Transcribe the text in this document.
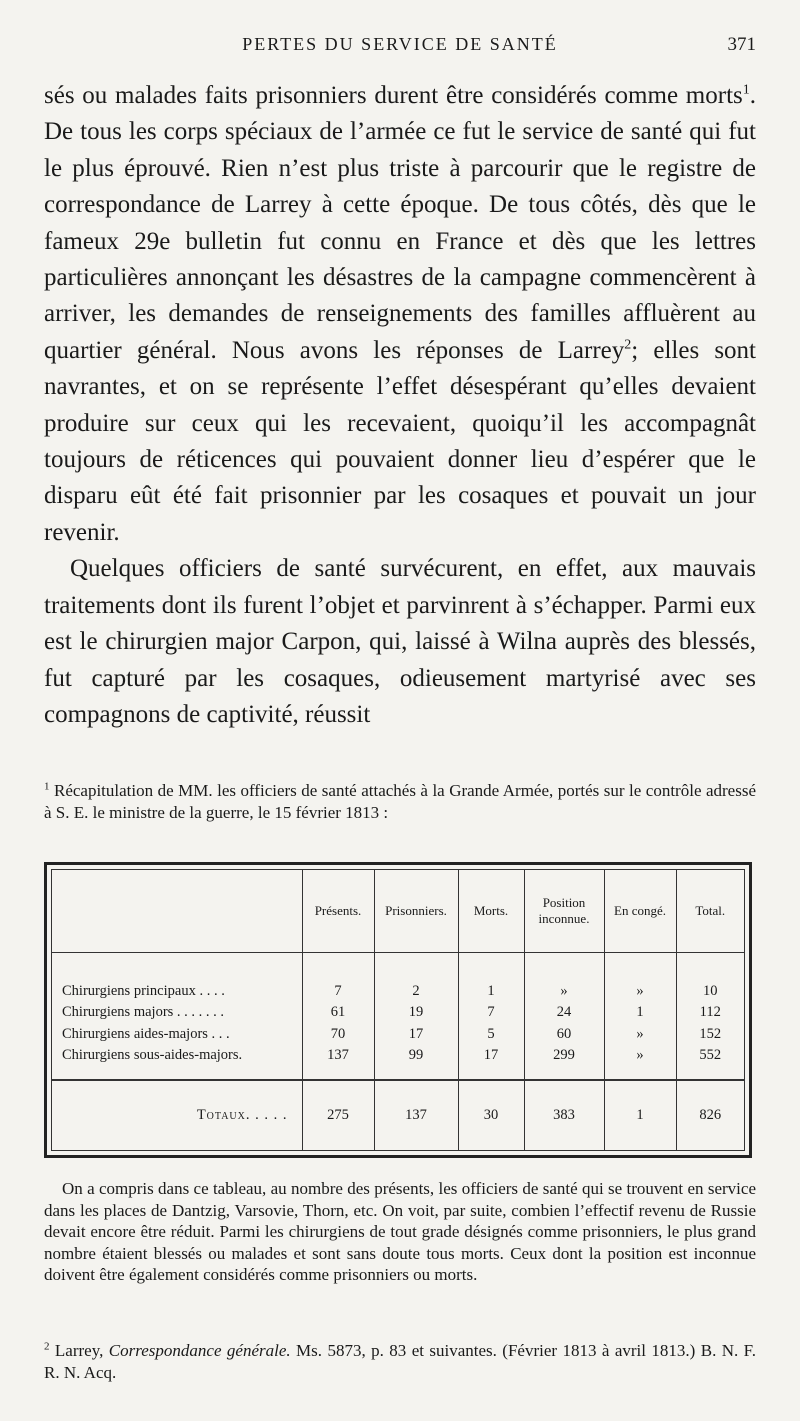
PERTES DU SERVICE DE SANTÉ	371

sés ou malades faits prisonniers durent être considérés comme morts$^1$. De tous les corps spéciaux de l’armée ce fut le service de santé qui fut le plus éprouvé. Rien n’est plus triste à parcourir que le registre de correspondance de Larrey à cette époque. De tous côtés, dès que le fameux 29e bulletin fut connu en France et dès que les lettres particulières annonçant les désastres de la campagne commencèrent à arriver, les demandes de renseignements des familles affluèrent au quartier général. Nous avons les réponses de Larrey$^2$; elles sont navrantes, et on se représente l’effet désespérant qu’elles devaient produire sur ceux qui les recevaient, quoiqu’il les accompagnât toujours de réticences qui pouvaient donner lieu d’espérer que le disparu eût été fait prisonnier par les cosaques et pouvait un jour revenir.

Quelques officiers de santé survécurent, en effet, aux mauvais traitements dont ils furent l’objet et parvinrent à s’échapper. Parmi eux est le chirurgien major Carpon, qui, laissé à Wilna auprès des blessés, fut capturé par les cosaques, odieusement martyrisé avec ses compagnons de captivité, réussit

$^1$ Récapitulation de MM. les officiers de santé attachés à la Grande Armée, portés sur le contrôle adressé à S. E. le ministre de la guerre, le 15 février 1813 :
	Présents.	Prisonniers.	Morts.	Position inconnue.	En congé.	Total.

Chirurgiens principaux . . . .	7	2	1	»	»	10
Chirurgiens majors . . . . . . .	61	19	7	24	1	112
Chirurgiens aides-majors . . .	70	17	5	60	»	152
Chirurgiens sous-aides-majors.	137	99	17	299	»	552

Totaux. . . . .	275	137	30	383	1	826

On a compris dans ce tableau, au nombre des présents, les officiers de santé qui se trouvent en service dans les places de Dantzig, Varsovie, Thorn, etc. On voit, par suite, combien l’effectif revenu de Russie devait encore être réduit. Parmi les chirurgiens de tout grade désignés comme prisonniers, le plus grand nombre étaient blessés ou malades et sont sans doute tous morts. Ceux dont la position est inconnue doivent être également considérés comme prisonniers ou morts.

$^2$ Larrey, Correspondance générale. Ms. 5873, p. 83 et suivantes. (Février 1813 à avril 1813.) B. N. F. R. N. Acq.
